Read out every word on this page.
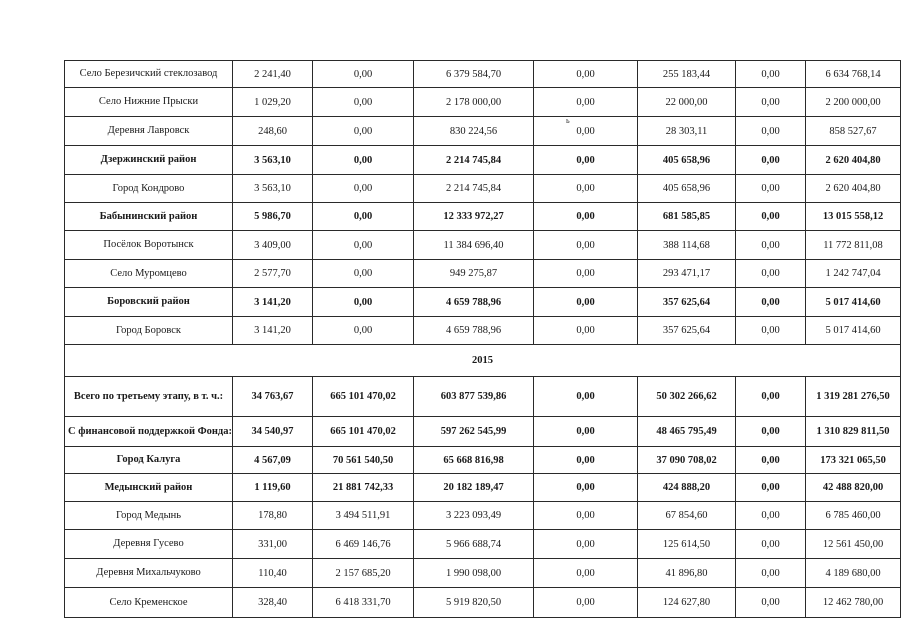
Село Березичский стеклозавод	2 241,40	0,00	6 379 584,70	0,00	255 183,44	0,00	6 634 768,14
Село Нижние Прыски	1 029,20	0,00	2 178 000,00	0,00	22 000,00	0,00	2 200 000,00
Деревня Лавровск	248,60	0,00	830 224,56	0,00	28 303,11	0,00	858 527,67
Дзержинский район	3 563,10	0,00	2 214 745,84	0,00	405 658,96	0,00	2 620 404,80
Город Кондрово	3 563,10	0,00	2 214 745,84	0,00	405 658,96	0,00	2 620 404,80
Бабынинский район	5 986,70	0,00	12 333 972,27	0,00	681 585,85	0,00	13 015 558,12
Посёлок Воротынск	3 409,00	0,00	11 384 696,40	0,00	388 114,68	0,00	11 772 811,08
Село Муромцево	2 577,70	0,00	949 275,87	0,00	293 471,17	0,00	1 242 747,04
Боровский район	3 141,20	0,00	4 659 788,96	0,00	357 625,64	0,00	5 017 414,60
Город Боровск	3 141,20	0,00	4 659 788,96	0,00	357 625,64	0,00	5 017 414,60
2015							
Всего по третьему этапу, в т. ч.:	34 763,67	665 101 470,02	603 877 539,86	0,00	50 302 266,62	0,00	1 319 281 276,50
С финансовой поддержкой Фонда:	34 540,97	665 101 470,02	597 262 545,99	0,00	48 465 795,49	0,00	1 310 829 811,50
Город Калуга	4 567,09	70 561 540,50	65 668 816,98	0,00	37 090 708,02	0,00	173 321 065,50
Медынский район	1 119,60	21 881 742,33	20 182 189,47	0,00	424 888,20	0,00	42 488 820,00
Город Медынь	178,80	3 494 511,91	3 223 093,49	0,00	67 854,60	0,00	6 785 460,00
Деревня Гусево	331,00	6 469 146,76	5 966 688,74	0,00	125 614,50	0,00	12 561 450,00
Деревня Михальчуково	110,40	2 157 685,20	1 990 098,00	0,00	41 896,80	0,00	4 189 680,00
Село Кременское	328,40	6 418 331,70	5 919 820,50	0,00	124 627,80	0,00	12 462 780,00
ь
